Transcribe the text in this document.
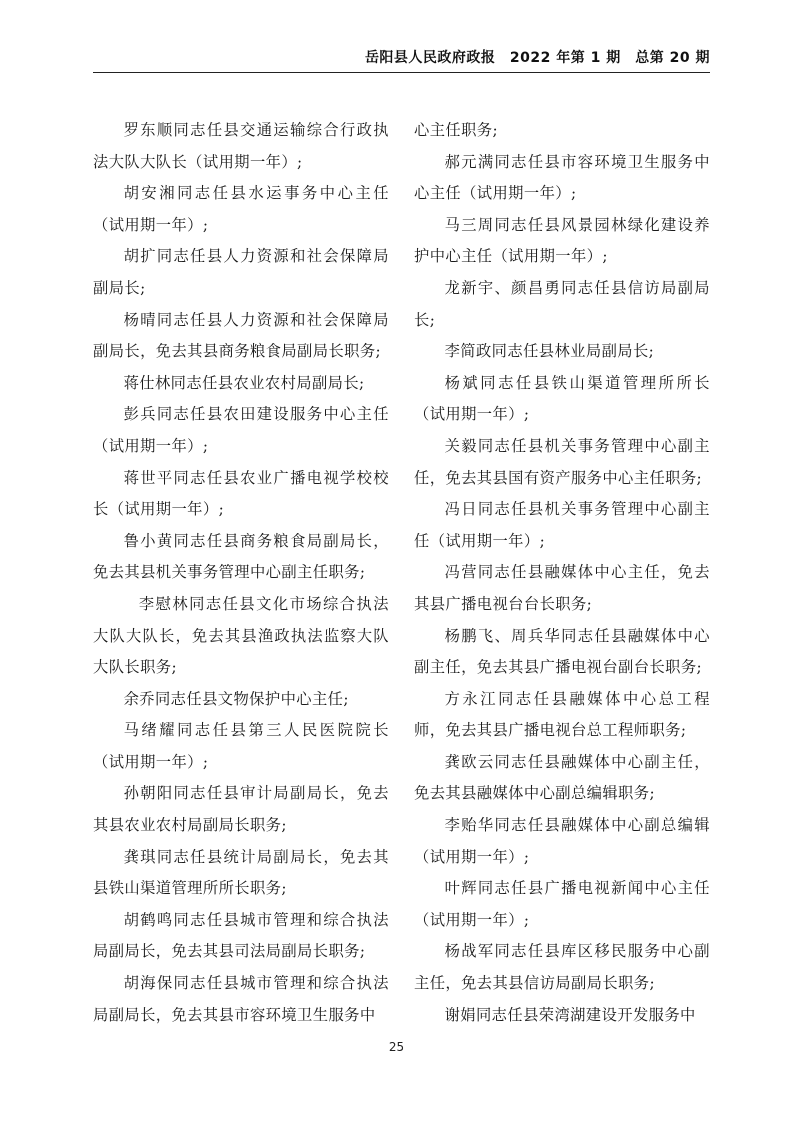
岳阳县人民政府政报　2022 年第 1 期　总第 20 期

罗东顺同志任县交通运输综合行政执法大队大队长（试用期一年）;

胡安湘同志任县水运事务中心主任（试用期一年）;

胡扩同志任县人力资源和社会保障局副局长;

杨晴同志任县人力资源和社会保障局副局长，免去其县商务粮食局副局长职务;

蒋仕林同志任县农业农村局副局长;

彭兵同志任县农田建设服务中心主任（试用期一年）;

蒋世平同志任县农业广播电视学校校长（试用期一年）;

鲁小黄同志任县商务粮食局副局长，免去其县机关事务管理中心副主任职务;

李慰林同志任县文化市场综合执法大队大队长，免去其县渔政执法监察大队大队长职务;

余乔同志任县文物保护中心主任;

马绪耀同志任县第三人民医院院长（试用期一年）;

孙朝阳同志任县审计局副局长，免去其县农业农村局副局长职务;

龚琪同志任县统计局副局长，免去其县铁山渠道管理所所长职务;

胡鹤鸣同志任县城市管理和综合执法局副局长，免去其县司法局副局长职务;

胡海保同志任县城市管理和综合执法局副局长，免去其县市容环境卫生服务中

心主任职务;

郝元满同志任县市容环境卫生服务中心主任（试用期一年）;

马三周同志任县风景园林绿化建设养护中心主任（试用期一年）;

龙新宇、颜昌勇同志任县信访局副局长;

李简政同志任县林业局副局长;

杨斌同志任县铁山渠道管理所所长（试用期一年）;

关毅同志任县机关事务管理中心副主任，免去其县国有资产服务中心主任职务;

冯日同志任县机关事务管理中心副主任（试用期一年）;

冯营同志任县融媒体中心主任，免去其县广播电视台台长职务;

杨鹏飞、周兵华同志任县融媒体中心副主任，免去其县广播电视台副台长职务;

方永江同志任县融媒体中心总工程师，免去其县广播电视台总工程师职务;

龚欧云同志任县融媒体中心副主任，免去其县融媒体中心副总编辑职务;

李贻华同志任县融媒体中心副总编辑（试用期一年）;

叶辉同志任县广播电视新闻中心主任（试用期一年）;

杨战军同志任县库区移民服务中心副主任，免去其县信访局副局长职务;

谢娟同志任县荣湾湖建设开发服务中

25
